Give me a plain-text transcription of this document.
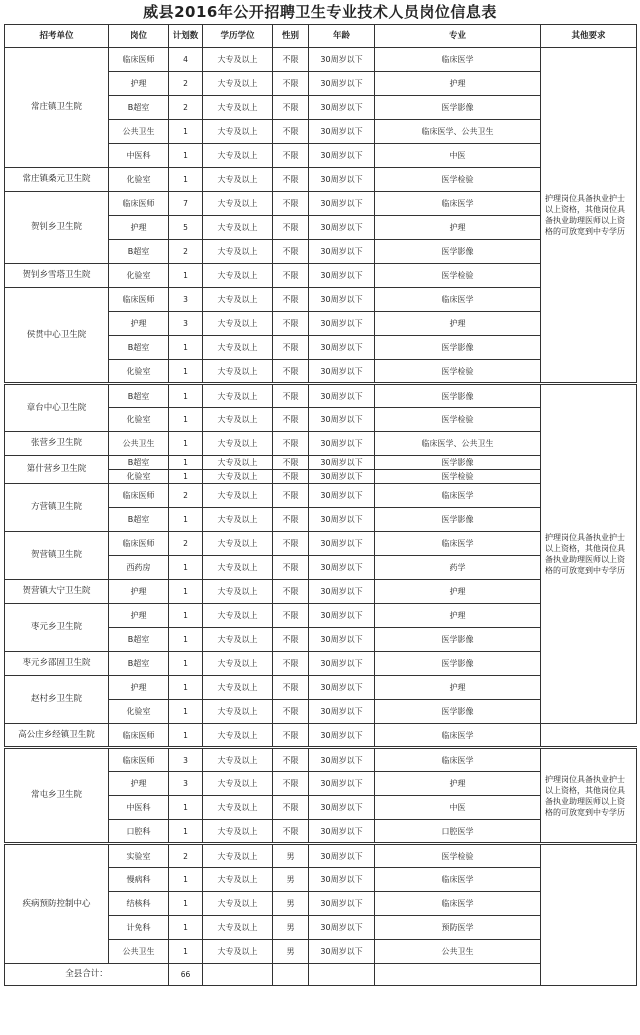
威县2016年公开招聘卫生专业技术人员岗位信息表
招考单位	岗位	计划数	学历学位	性别	年龄	专业	其他要求
常庄镇卫生院	临床医师	4	大专及以上	不限	30周岁以下	临床医学	护理岗位具备执业护士以上资格，其他岗位具备执业助理医师以上资格的可放宽到中专学历
	护理	2	大专及以上	不限	30周岁以下	护理	
	B超室	2	大专及以上	不限	30周岁以下	医学影像	
	公共卫生	1	大专及以上	不限	30周岁以下	临床医学、公共卫生	
	中医科	1	大专及以上	不限	30周岁以下	中医	
常庄镇桑元卫生院	化验室	1	大专及以上	不限	30周岁以下	医学检验	
贺钊乡卫生院	临床医师	7	大专及以上	不限	30周岁以下	临床医学	
	护理	5	大专及以上	不限	30周岁以下	护理	
	B超室	2	大专及以上	不限	30周岁以下	医学影像	
贺钊乡雪塔卫生院	化验室	1	大专及以上	不限	30周岁以下	医学检验	
侯贯中心卫生院	临床医师	3	大专及以上	不限	30周岁以下	临床医学	
	护理	3	大专及以上	不限	30周岁以下	护理	
	B超室	1	大专及以上	不限	30周岁以下	医学影像	
	化验室	1	大专及以上	不限	30周岁以下	医学检验	
章台中心卫生院	B超室	1	大专及以上	不限	30周岁以下	医学影像	护理岗位具备执业护士以上资格，其他岗位具备执业助理医师以上资格的可放宽到中专学历
	化验室	1	大专及以上	不限	30周岁以下	医学检验	
张营乡卫生院	公共卫生	1	大专及以上	不限	30周岁以下	临床医学、公共卫生	
第什营乡卫生院	B超室	1	大专及以上	不限	30周岁以下	医学影像	
	化验室	1	大专及以上	不限	30周岁以下	医学检验	
方营镇卫生院	临床医师	2	大专及以上	不限	30周岁以下	临床医学	
	B超室	1	大专及以上	不限	30周岁以下	医学影像	
贺营镇卫生院	临床医师	2	大专及以上	不限	30周岁以下	临床医学	
	西药房	1	大专及以上	不限	30周岁以下	药学	
贺营镇大宁卫生院	护理	1	大专及以上	不限	30周岁以下	护理	
枣元乡卫生院	护理	1	大专及以上	不限	30周岁以下	护理	
	B超室	1	大专及以上	不限	30周岁以下	医学影像	
枣元乡邵固卫生院	B超室	1	大专及以上	不限	30周岁以下	医学影像	
赵村乡卫生院	护理	1	大专及以上	不限	30周岁以下	护理	
	化验室	1	大专及以上	不限	30周岁以下	医学影像	
高公庄乡经镇卫生院	临床医师	1	大专及以上	不限	30周岁以下	临床医学	
常屯乡卫生院	临床医师	3	大专及以上	不限	30周岁以下	临床医学	护理岗位具备执业护士以上资格，其他岗位具备执业助理医师以上资格的可放宽到中专学历
	护理	3	大专及以上	不限	30周岁以下	护理	
	中医科	1	大专及以上	不限	30周岁以下	中医	
	口腔科	1	大专及以上	不限	30周岁以下	口腔医学	
疾病预防控制中心	实验室	2	大专及以上	男	30周岁以下	医学检验	
	慢病科	1	大专及以上	男	30周岁以下	临床医学	
	结核科	1	大专及以上	男	30周岁以下	临床医学	
	计免科	1	大专及以上	男	30周岁以下	预防医学	
	公共卫生	1	大专及以上	男	30周岁以下	公共卫生	
全县合计：		66					
